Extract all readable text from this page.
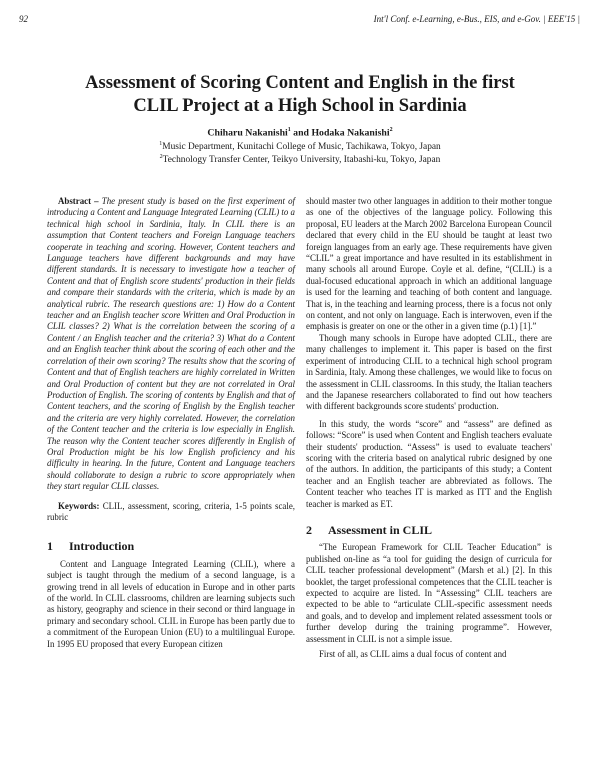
92	Int'l Conf. e-Learning, e-Bus., EIS, and e-Gov. | EEE'15 |
Assessment of Scoring Content and English in the first
CLIL Project at a High School in Sardinia
Chiharu Nakanishi$^1$ and Hodaka Nakanishi$^2$
$^1$Music Department, Kunitachi College of Music, Tachikawa, Tokyo, Japan
$^2$Technology Transfer Center, Teikyo University, Itabashi-ku, Tokyo, Japan

Abstract – The present study is based on the first experiment of introducing a Content and Language Integrated Learning (CLIL) to a technical high school in Sardinia, Italy. In CLIL there is an assumption that Content teachers and Foreign Language teachers cooperate in teaching and scoring. However, Content teachers and Language teachers have different backgrounds and may have different standards. It is necessary to investigate how a teacher of Content and that of English score students' production in their fields and compare their standards with the criteria, which is made by an analytical rubric. The research questions are: 1) How do a Content teacher and an English teacher score Written and Oral Production in CLIL classes? 2) What is the correlation between the scoring of a Content / an English teacher and the criteria? 3) What do a Content and an English teacher think about the scoring of each other and the correlation of their own scoring? The results show that the scoring of Content and that of English teachers are highly correlated in Written and Oral Production of content but they are not correlated in Oral Production of English. The scoring of contents by English and that of Content teachers, and the scoring of English by the English teacher and the criteria are very highly correlated. However, the correlation of the Content teacher and the criteria is low especially in English. The reason why the Content teacher scores differently in English of Oral Production might be his low English proficiency and his difficulty in hearing. In the future, Content and Language teachers should collaborate to design a rubric to score appropriately when they start regular CLIL classes.

Keywords: CLIL, assessment, scoring, criteria, 1-5 points scale, rubric

1 Introduction

Content and Language Integrated Learning (CLIL), where a subject is taught through the medium of a second language, is a growing trend in all levels of education in Europe and in other parts of the world. In CLIL classrooms, children are learning subjects such as history, geography and science in their second or third language in primary and secondary school. CLIL in Europe has been partly due to a commitment of the European Union (EU) to a multilingual Europe. In 1995 EU proposed that every European citizen

should master two other languages in addition to their mother tongue as one of the objectives of the language policy. Following this proposal, EU leaders at the March 2002 Barcelona European Council declared that every child in the EU should be taught at least two foreign languages from an early age. These requirements have given “CLIL” a great importance and have resulted in its establishment in many schools all around Europe. Coyle et al. define, “(CLIL) is a dual-focused educational approach in which an additional language is used for the learning and teaching of both content and language. That is, in the teaching and learning process, there is a focus not only on content, and not only on language. Each is interwoven, even if the emphasis is greater on one or the other in a given time (p.1) [1].”

Though many schools in Europe have adopted CLIL, there are many challenges to implement it. This paper is based on the first experiment of introducing CLIL to a technical high school program in Sardinia, Italy. Among these challenges, we would like to focus on the assessment in CLIL classrooms. In this study, the Italian teachers and the Japanese researchers collaborated to find out how teachers with different backgrounds score students' production.

In this study, the words “score” and “assess” are defined as follows: “Score” is used when Content and English teachers evaluate their students' production. “Assess” is used to evaluate teachers' scoring with the criteria based on analytical rubric designed by one of the authors. In addition, the participants of this study; a Content teacher and an English teacher are abbreviated as follows. The Content teacher who teaches IT is marked as ITT and the English teacher is marked as ET.

2 Assessment in CLIL

“The European Framework for CLIL Teacher Education” is published on-line as “a tool for guiding the design of curricula for CLIL teacher professional development” (Marsh et al.) [2]. In this booklet, the target professional competences that the CLIL teacher is expected to acquire are listed. In “Assessing” CLIL teachers are expected to be able to “articulate CLIL-specific assessment needs and goals, and to develop and implement related assessment tools or further develop during the training programme”. However, assessment in CLIL is not a simple issue.

First of all, as CLIL aims a dual focus of content and
